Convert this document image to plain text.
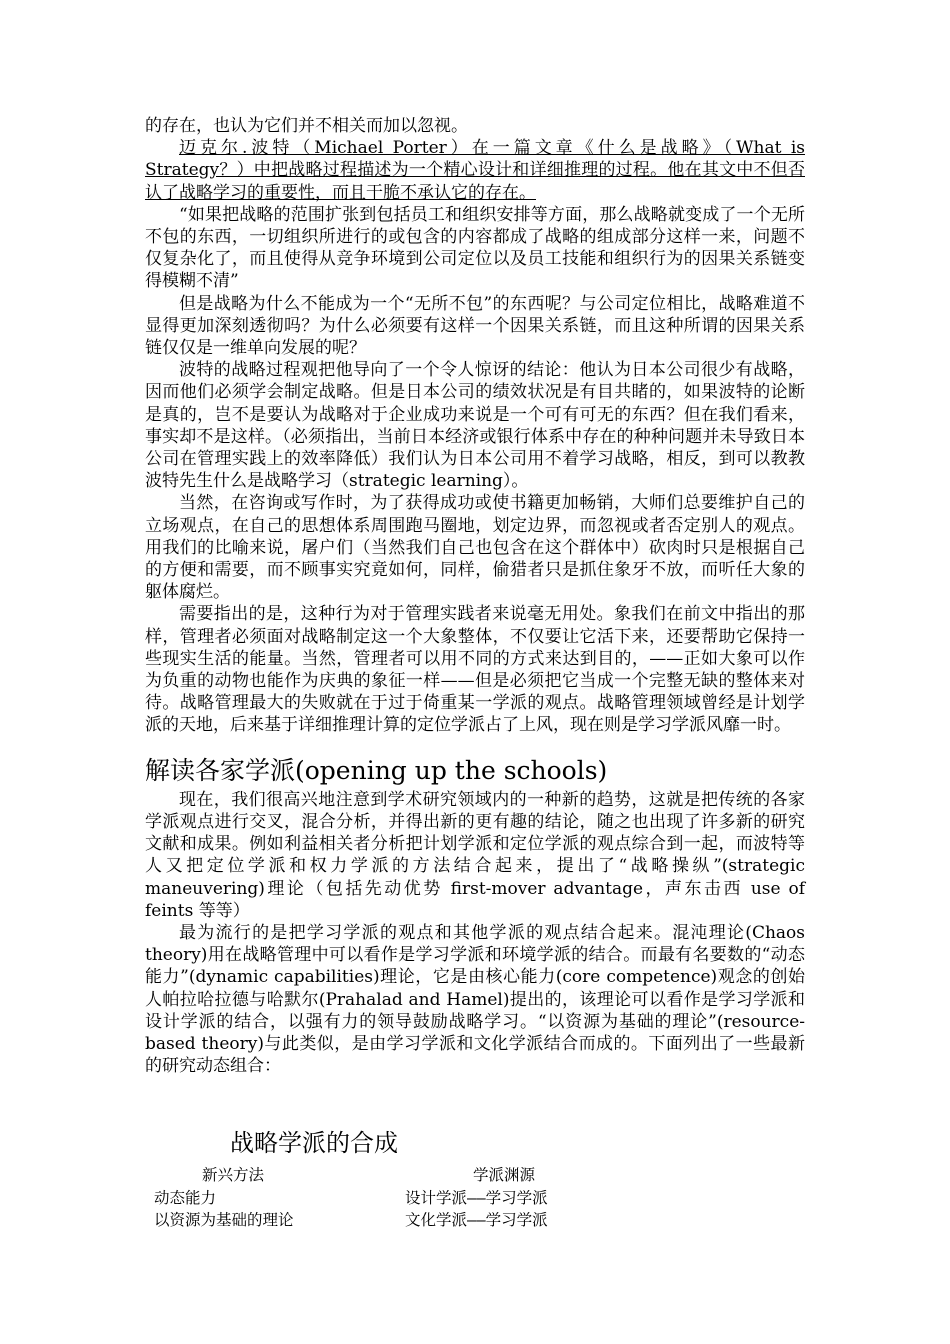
的存在，也认为它们并不相关而加以忽视。

迈克尔.波特（Michael Porter）在一篇文章《什么是战略》（What is Strategy？）中把战略过程描述为一个精心设计和详细推理的过程。他在其文中不但否认了战略学习的重要性，而且干脆不承认它的存在。

“如果把战略的范围扩张到包括员工和组织安排等方面，那么战略就变成了一个无所不包的东西，一切组织所进行的或包含的内容都成了战略的组成部分这样一来，问题不仅复杂化了，而且使得从竞争环境到公司定位以及员工技能和组织行为的因果关系链变得模糊不清”

但是战略为什么不能成为一个“无所不包”的东西呢？与公司定位相比，战略难道不显得更加深刻透彻吗？为什么必须要有这样一个因果关系链，而且这种所谓的因果关系链仅仅是一维单向发展的呢？

波特的战略过程观把他导向了一个令人惊讶的结论：他认为日本公司很少有战略，因而他们必须学会制定战略。但是日本公司的绩效状况是有目共睹的，如果波特的论断是真的，岂不是要认为战略对于企业成功来说是一个可有可无的东西？但在我们看来，事实却不是这样。（必须指出，当前日本经济或银行体系中存在的种种问题并未导致日本公司在管理实践上的效率降低）我们认为日本公司用不着学习战略，相反，到可以教教波特先生什么是战略学习（strategic learning）。

当然，在咨询或写作时，为了获得成功或使书籍更加畅销，大师们总要维护自己的立场观点，在自己的思想体系周围跑马圈地，划定边界，而忽视或者否定别人的观点。用我们的比喻来说，屠户们（当然我们自己也包含在这个群体中）砍肉时只是根据自己的方便和需要，而不顾事实究竟如何，同样，偷猎者只是抓住象牙不放，而听任大象的躯体腐烂。

需要指出的是，这种行为对于管理实践者来说毫无用处。象我们在前文中指出的那样，管理者必须面对战略制定这一个大象整体，不仅要让它活下来，还要帮助它保持一些现实生活的能量。当然，管理者可以用不同的方式来达到目的，——正如大象可以作为负重的动物也能作为庆典的象征一样——但是必须把它当成一个完整无缺的整体来对待。战略管理最大的失败就在于过于倚重某一学派的观点。战略管理领域曾经是计划学派的天地，后来基于详细推理计算的定位学派占了上风，现在则是学习学派风靡一时。

解读各家学派(opening up the schools)

现在，我们很高兴地注意到学术研究领域内的一种新的趋势，这就是把传统的各家学派观点进行交叉，混合分析，并得出新的更有趣的结论，随之也出现了许多新的研究文献和成果。例如利益相关者分析把计划学派和定位学派的观点综合到一起，而波特等人又把定位学派和权力学派的方法结合起来，提出了“战略操纵”(strategic maneuvering)理论（包括先动优势 first-mover advantage，声东击西 use of feints 等等）

最为流行的是把学习学派的观点和其他学派的观点结合起来。混沌理论(Chaos theory)用在战略管理中可以看作是学习学派和环境学派的结合。而最有名要数的“动态能力”(dynamic capabilities)理论，它是由核心能力(core competence)观念的创始人帕拉哈拉德与哈默尔(Prahalad and Hamel)提出的，该理论可以看作是学习学派和设计学派的结合，以强有力的领导鼓励战略学习。“以资源为基础的理论”(resource-based theory)与此类似，是由学习学派和文化学派结合而成的。下面列出了一些最新的研究动态组合：

战略学派的合成
新兴方法	学派渊源
动态能力	设计学派——学习学派
以资源为基础的理论	文化学派——学习学派
